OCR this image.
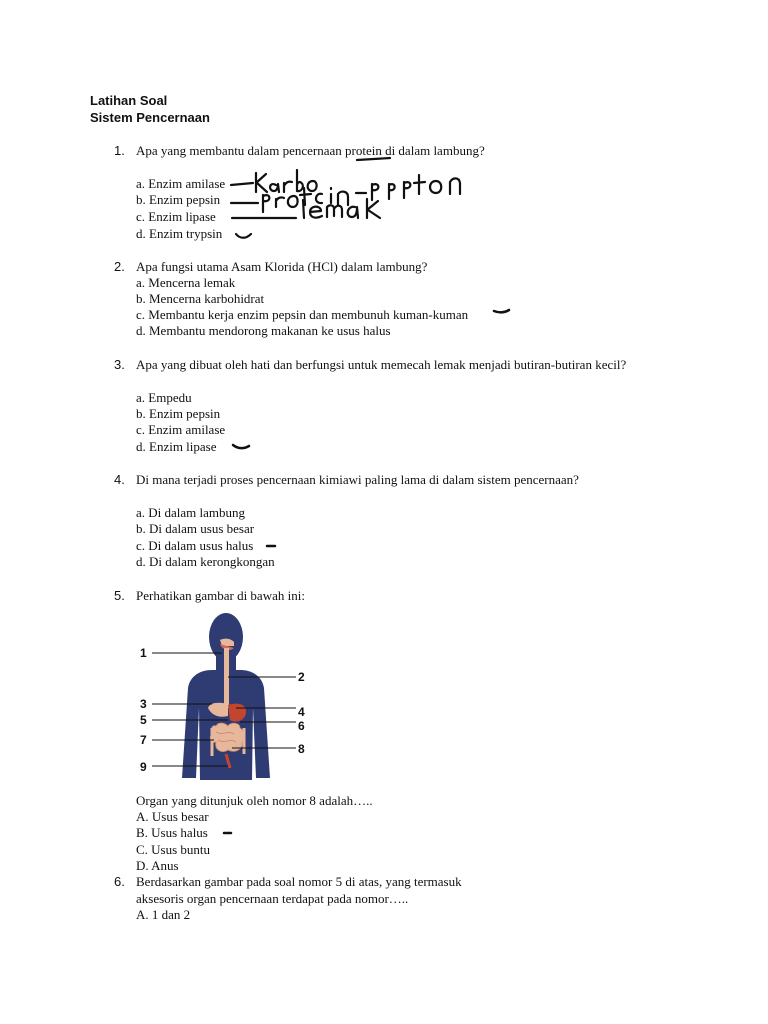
Latihan Soal
Sistem Pencernaan
1. Apa yang membantu dalam pencernaan protein di dalam lambung?
a. Enzim amilase
b. Enzim pepsin
c. Enzim lipase
d. Enzim trypsin
2. Apa fungsi utama Asam Klorida (HCl) dalam lambung?
a. Mencerna lemak
b. Mencerna karbohidrat
c. Membantu kerja enzim pepsin dan membunuh kuman-kuman
d. Membantu mendorong makanan ke usus halus
3. Apa yang dibuat oleh hati dan berfungsi untuk memecah lemak menjadi butiran-butiran kecil?
a. Empedu
b. Enzim pepsin
c. Enzim amilase
d. Enzim lipase
4. Di mana terjadi proses pencernaan kimiawi paling lama di dalam sistem pencernaan?
a. Di dalam lambung
b. Di dalam usus besar
c. Di dalam usus halus
d. Di dalam kerongkongan
5. Perhatikan gambar di bawah ini:
1
2
3
4
5	6
7
8
9
Organ yang ditunjuk oleh nomor 8 adalah…..
A. Usus besar
B. Usus halus
C. Usus buntu
D. Anus
6. Berdasarkan gambar pada soal nomor 5 di atas, yang termasuk
aksesoris organ pencernaan terdapat pada nomor…..
A. 1 dan 2
